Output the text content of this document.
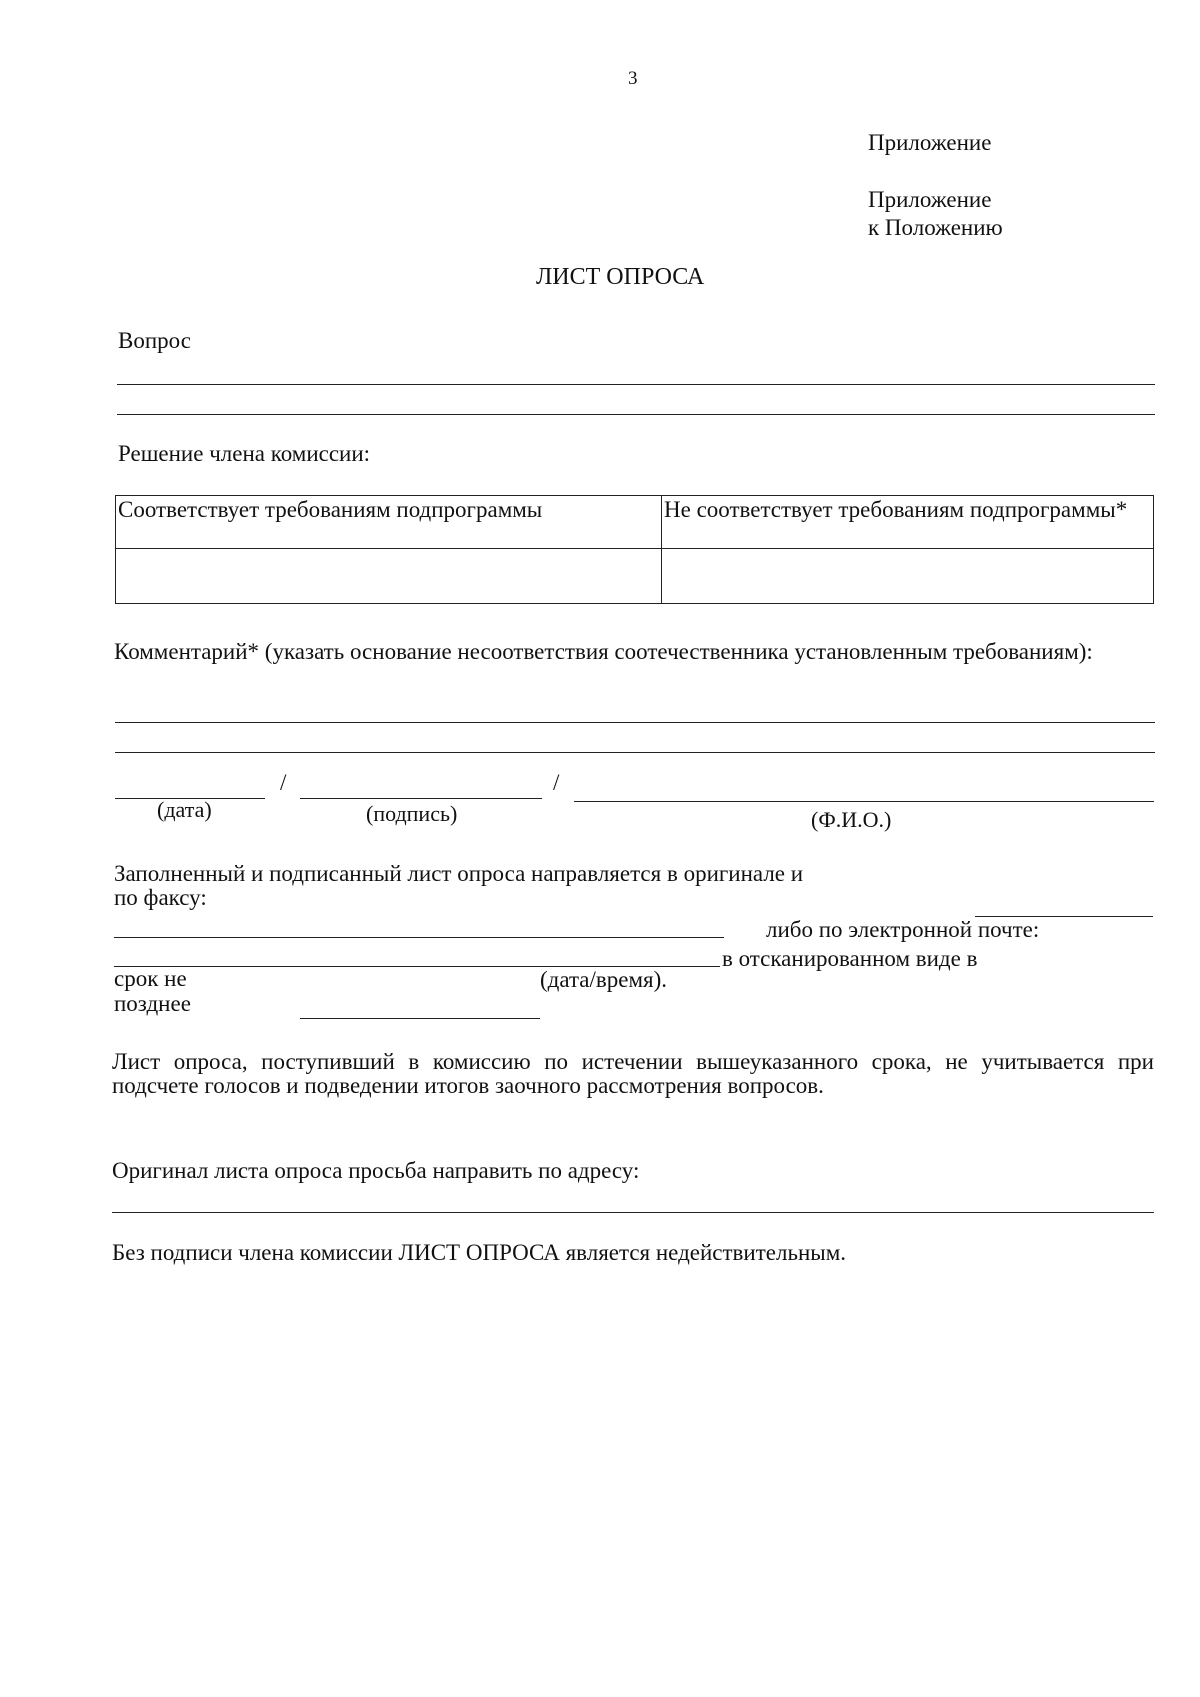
3
Приложение
Приложение
к Положению
ЛИСТ ОПРОСА
Вопрос
Решение члена комиссии:
Соответствует требованиям подпрограммы	Не соответствует требованиям подпрограммы*

Комментарий* (указать основание несоответствия соотечественника установленным требованиям):
/	/
(дата)	(подпись)	(Ф.И.О.)
Заполненный и подписанный лист опроса направляется в оригинале и
по факсу:
либо по электронной почте:
в отсканированном виде в
срок не
позднее
(дата/время).
Лист опроса, поступивший в комиссию по истечении вышеуказанного срока, не учитывается при подсчете голосов и подведении итогов заочного рассмотрения вопросов.
Оригинал листа опроса просьба направить по адресу:
Без подписи члена комиссии ЛИСТ ОПРОСА является недействительным.
